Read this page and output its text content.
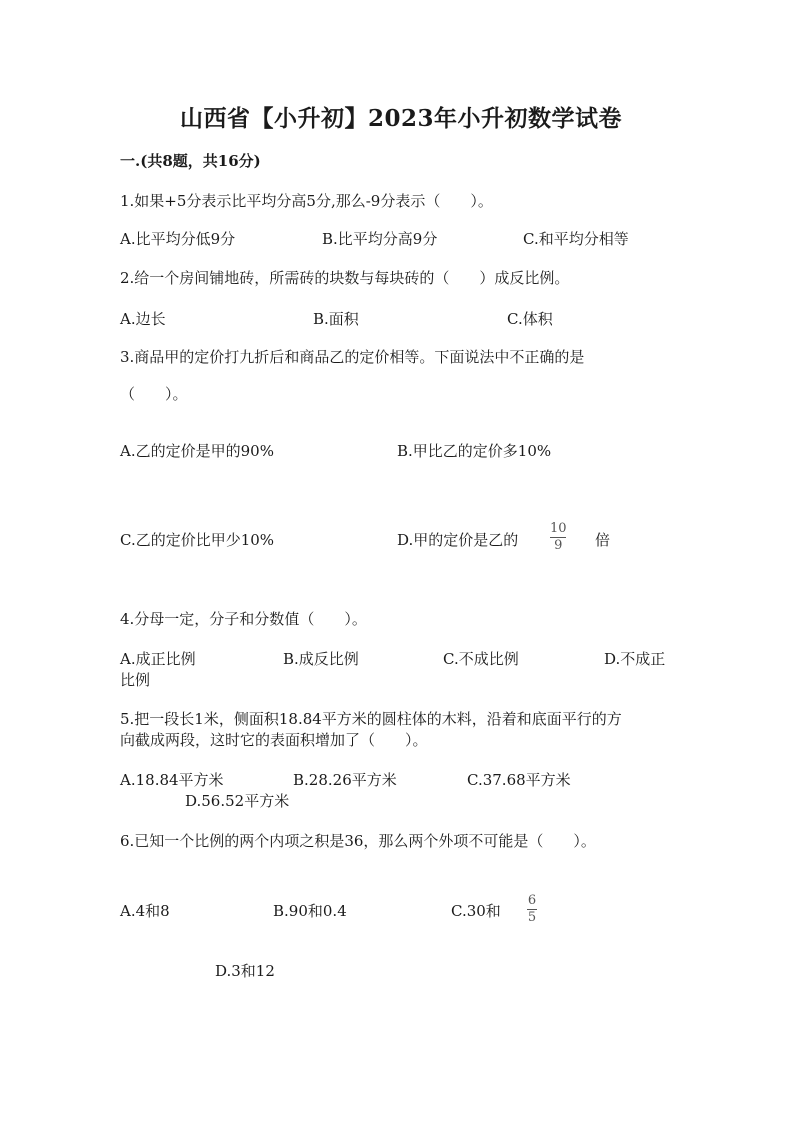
山西省【小升初】2023年小升初数学试卷
一.(共8题，共16分)
1.如果+5分表示比平均分高5分,那么-9分表示（　　）。
A.比平均分低9分	B.比平均分高9分	C.和平均分相等
2.给一个房间铺地砖，所需砖的块数与每块砖的（　　）成反比例。
A.边长	B.面积	C.体积
3.商品甲的定价打九折后和商品乙的定价相等。下面说法中不正确的是
（　　）。
A.乙的定价是甲的90%	B.甲比乙的定价多10%
C.乙的定价比甲少10%	D.甲的定价是乙的
10
9 倍
4.分母一定，分子和分数值（　　）。
A.成正比例	B.成反比例	C.不成比例	D.不成正
比例
5.把一段长1米，侧面积18.84平方米的圆柱体的木料，沿着和底面平行的方
向截成两段，这时它的表面积增加了（　　）。
A.18.84平方米	B.28.26平方米	C.37.68平方米
D.56.52平方米
6.已知一个比例的两个内项之积是36，那么两个外项不可能是（　　）。
A.4和8	B.90和0.4	C.30和
6
5
D.3和12
